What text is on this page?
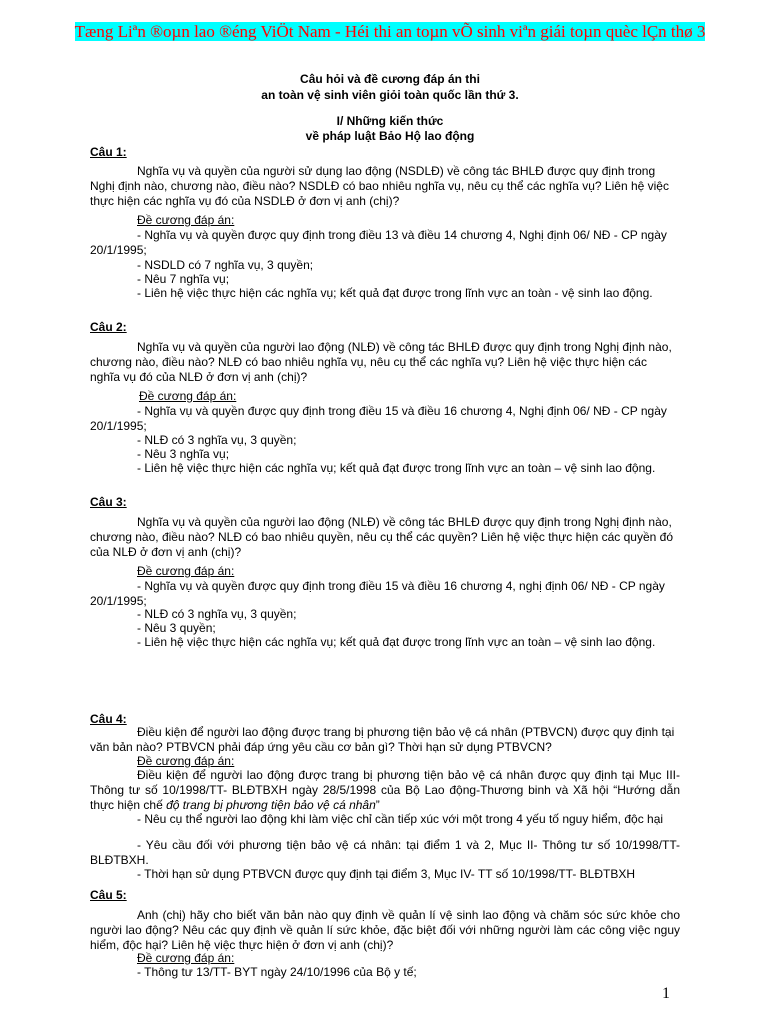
Tæng Liªn ®oµn lao ®éng ViÖt Nam - Héi thi an toµn vÕ sinh viªn giái toµn quèc lÇn thø 3
Câu hỏi và đề cương đáp án thi
an toàn vệ sinh viên giỏi toàn quốc lần thứ 3.
I/ Những kiến thức
về pháp luật Bảo Hộ lao động
Câu 1:

Nghĩa vụ và quyền của người sử dụng lao động (NSDLĐ) về công tác BHLĐ được quy định trong Nghị định nào, chương nào, điều nào? NSDLĐ có bao nhiêu nghĩa vụ, nêu cụ thể các nghĩa vụ? Liên hệ việc thực hiện các nghĩa vụ đó của NSDLĐ ở đơn vị anh (chị)?

Đề cương đáp án:

- Nghĩa vụ và quyền được quy định trong điều 13 và điều 14 chương 4, Nghị định 06/ NĐ - CP ngày 20/1/1995;

- NSDLD có 7 nghĩa vụ, 3 quyền;
- Nêu 7 nghĩa vụ;

- Liên hệ việc thực hiện các nghĩa vụ; kết quả đạt được trong lĩnh vực an toàn - vệ sinh lao động.

Câu 2:

Nghĩa vụ và quyền của người lao động (NLĐ) về công tác BHLĐ được quy định trong Nghị định nào, chương nào, điều nào? NLĐ có bao nhiêu nghĩa vụ, nêu cụ thể các nghĩa vụ? Liên hệ việc thực hiện các nghĩa vụ đó của NLĐ ở đơn vị anh (chị)?

Đề cương đáp án:

- Nghĩa vụ và quyền được quy định trong điều 15 và điều 16 chương 4, Nghị định 06/ NĐ - CP ngày 20/1/1995;

- NLĐ có 3 nghĩa vụ, 3 quyền;
- Nêu 3 nghĩa vụ;

- Liên hệ việc thực hiện các nghĩa vụ; kết quả đạt được trong lĩnh vực an toàn – vệ sinh lao động.

Câu 3:

Nghĩa vụ và quyền của người lao động (NLĐ) về công tác BHLĐ được quy định trong Nghị định nào, chương nào, điều nào? NLĐ có bao nhiêu quyền, nêu cụ thể các quyền? Liên hệ việc thực hiện các quyền đó của NLĐ ở đơn vị anh (chị)?

Đề cương đáp án:

- Nghĩa vụ và quyền được quy định trong điều 15 và điều 16 chương 4, nghị định 06/ NĐ - CP ngày 20/1/1995;

- NLĐ có 3 nghĩa vụ, 3 quyền;
- Nêu 3 quyền;

- Liên hệ việc thực hiện các nghĩa vụ; kết quả đạt được trong lĩnh vực an toàn – vệ sinh lao động.

Câu 4:

Điều kiện để người lao động được trang bị phương tiện bảo vệ cá nhân (PTBVCN) được quy định tại văn bản nào? PTBVCN phải đáp ứng yêu cầu cơ bản gì? Thời hạn sử dụng PTBVCN?

Đề cương đáp án:

Điều kiện để người lao động được trang bị phương tiện bảo vệ cá nhân được quy định tại Mục III-Thông tư số 10/1998/TT- BLĐTBXH ngày 28/5/1998 của Bộ Lao động-Thương binh và Xã hội “Hướng dẫn thực hiện chế độ trang bị phương tiện bảo vệ cá nhân”

- Nêu cụ thể người lao động khi làm việc chỉ cần tiếp xúc với một trong 4 yếu tố nguy hiểm, độc hại

- Yêu cầu đối với phương tiện bảo vệ cá nhân: tại điểm 1 và 2, Mục II- Thông tư số 10/1998/TT- BLĐTBXH.

- Thời hạn sử dụng PTBVCN được quy định tại điểm 3, Mục IV- TT số 10/1998/TT- BLĐTBXH
Câu 5:

Anh (chị) hãy cho biết văn bản nào quy định về quản lí vệ sinh lao động và chăm sóc sức khỏe cho người lao động? Nêu các quy định về quản lí sức khỏe, đặc biệt đối với những người làm các công việc nguy hiểm, độc hại? Liên hệ việc thực hiện ở đơn vị anh (chị)?

Đề cương đáp án:
- Thông tư 13/TT- BYT ngày 24/10/1996 của Bộ y tế;
1
